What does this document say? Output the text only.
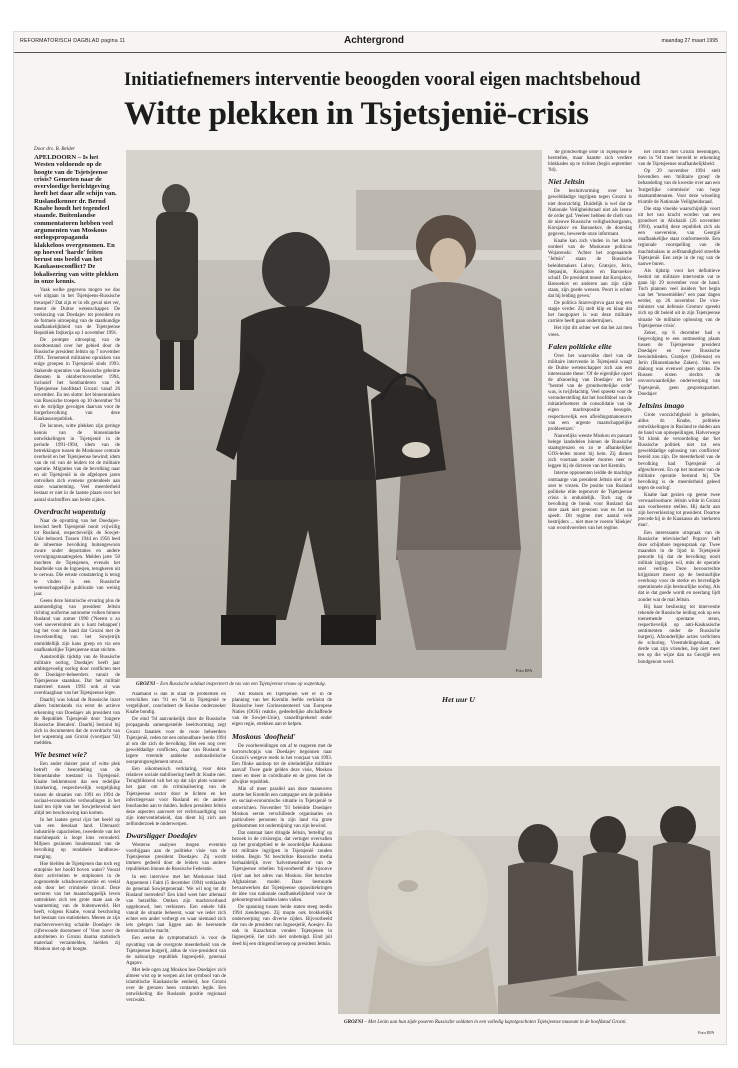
REFORMATORISCH DAGBLAD pagina 11	Achtergrond	maandag 27 maart 1995
Initiatiefnemers interventie beoogden vooral eigen machtsbehoud
Witte plekken in Tsjetsjenië-crisis
Door drs. B. Belder
APELDOORN – Is het Westen voldoende op de hoogte van de Tsjetsjeense crisis? Gemeten naar de overvloedige berichtgeving heeft het daar alle schijn van. Ruslandkenner dr. Bernd Knabe houdt het tegendeel staande. Buitenlandse commentatoren hebben veel argumenten van Moskous oorlogspropaganda klakkeloos overgenomen. En op hoeveel 'harde' feiten berust ons beeld van het Kaukasusconflict? De lokalisering van witte plekken in onze kennis.

Vaak welke gegevens mogen we dus wel uitgaan in het Tsjetsjeens-Russische treurspel? Dat zijn er in elk geval niet ver, meent de Duitse wetenschapper. De verkiezing van Doedajev tot president en de formele uitroeping van de staatkundige onafhankelijkheid van de Tsjetsjeense Republiek Itsjkerija op 1 november 1991.

De prompte uitroeping van de noodtoestand over het gebied door de Russische president Jeltsin op 7 november 1991. Ternemend militairen oprukken van enige groepen in Tsjetsjenië sinds 1993. Stakende operaties van Russische geheime diensten in oktober/november 1994, inclusief het bombarderen van de Tsjetsjeense hoofdstad Grozni vanaf 26 november. En ten slotte: het binnenrukken van Russische troepen op 10 december '94 en de strijdige gevolgen daarvan voor de burgerbevolking van deze Kaukasusrepubliek.

De lacunes, witte plekken zijn geringe kennis van de binnenlandse ontwikkelingen in Tsjetsjenië in de periode 1991-1994, idem van de betrekkingen tussen de Moskouse centrale overheid en het Tsjetsjeense bewind; idem van de rol van de leiders tot de militaire operatie. Migraties van de bevolking naar en uit Tsjetsjenië in de afgelopen jaren ontvolken zich evenens grotendeels aan onze waarneming. Veel meerderheid bestaat er niet in de laatste plaats over het aantal slachtoffers aan beide zijden.

Overdracht wapentuig

Naar de opvatting van het Doedajev-bewind heeft Tsjetsjenië nooit vrijwillig tot Rusland, respectievelijk de Sowjet-Unie behoord. Tussen 1944 en 1956 leed de inheemse bevolking buitengewoon zware onder deportaties en andere vervolgingsmaatregelen. Melden jarte '50 mochten de Tsjetsjenen, evenals het bearbeide van de Ingoesjen, terugkeren uit te oerwas. Die eenste constatering is terug te vinden in een Russische wetenschappelijke publicatie van weinig jaar.

Geens deze historische ervaring plus de aanmoediging van president Jeltsin richting uniforme autonome volken binnen Rusland van zomer 1990 ('Neemt u zo veel soevereiniteit als u kunt behappen') lag het voor de hand dat Grozni met de inwerkstelling van het Sowjetrijk onmiddellijk zijn kans greep en via een onafhankelijke Tsjetsjeense staat stichtte.

Aanstootlijk tijdstip van de Russische militaire oorlog, Doedajev heeft jaar ambtsgevoelig oorlog door conflicten met de Doedajev-beheerders vanuit de Tsjetsjeense staatskas. Dat het militair materieel tussen 1993 ook al was overdraagbaar van het Tsjetsjeense leger.

Daarbij was lokaal de Russische inzet alleen buitenlands via eerst de actieve erkenning van Doedajev als president van de Republiek Tsjetsjenië door 'Jongere Russische liberalen'. Daarbij bestond bij zich in documenten dat de overdracht van het wapentuig aan Grozni (voortjaar '92) meldden.

Wie besmet wie?

Een ander duister punt of witte plek betreft de beoordeling van de binnenlandse toestand in Tsjetsjenië. Knabe beklemtoont dat een redelijke (markering, respectievelijk vergelijking tussen de situaties van 1991 en 1994 de sociaal-economische verhoudingen in het land ten tijde van het Sowjetbewind niet altijd ten beschouwing kan komen.

In het laatste geval rijst het beeld op van een desolaat land. Uiteraard: industriële capaciteiten, tweederde van het machinepark is loopt lons verouderd. Miljoen gezinnen houdenstand van de bevolking op rendabele landbouw-marging.

Hoe bielden de Tsjetsjenen dan toch erg entopinie het hoofd boven water? Vooral door activiteiten te ontplooien in de zogenoemde schaduweconomie en veelal ook door het criminele circuit. Deze sectoren van het maatschappelijk leven onttrokken zich ten grote mate aan de waarneming van de buitenwereld. Het heeft, volgens Knabe, vooral beschoring het bestaan van statistieken. Menen ze zijn machtsverwerving schalde Doedajev de cijferwoude doorsmeer of 'Voor zover de autoriteiten in Grozni daarna statistisch materiaal verzamelden, hielden zij Moskou niet op de hoogte.

GROZNI – Een Russische soldaat inspecteert de tas van een Tsjetsjeense vrouw op wapentuig.
Foto EPA

Naamand is dan in staat de problemen en verschillen van '91 en '94 in Tsjetsjenië te vergelijken', concludeert de Keulse onderzoeker Knabe bondig.

De eind '94 aanvankelijk door de Russische propaganda samengestelde beeldvorming zegt Grozni fanatiek voor de rooie beheerders Tsjetsjenië, reden tot een onhoudbare leerde 1994 al om die zich de bevolking. Het een nog over gewelddadige conflicten, daar van Rusland te lagere vreemde arabieke nationalistische oorsprongsreglement omvat.

Een oikomenisch verklaring, voor deze relatieve sociale stabilisering heeft dr. Knabe niet. Terugblikkend valt het op dat zijn plots wanneer het gaat om de criminalisering van de Tsjetsjeense sector door te lichten en het infectiegevaar voor Rusland en de andere buurlanden aan te duiden. Indien president Jeltsin deze aspecten aanvoert ter rechtvaardiging van zijn interventiebeleid, dan dient hij zich aan zelfonderzoek te onderwerpen.

Dwarsligger Doedajev

Westerse analyses mogen evenmin voorbijgaan aan de politieke visie van de Tsjetsjeense president Doedajev. Zij wordt immers gedeeld door de leiders van andere republieken binnen de Russische Federatie.

In een interview met het Moskouse blad Argoement i Fakti (5 december 1994) verklaarde de generaal Sowjetgeneraal: 'We wil nog tot dit Rusland toetreden? Een kind weet hier allemaal van hetzelfde. Ontken zijn machtsverband opgebouwd, hen verkiezen. Een enkele blik vanuit de situatie beheerst, waar we ieder zich echter een ander verbergt en waar niemand zich iets gelegen laat liggen aan de heersende democratische macht.'

Een eerste de symptomatisch is voor de opvatting van de overgrote meerderheid van de Tsjetsjeense burgerij, aldus de vice-president van de nabuurige republiek Ingoesjetië, generaal Agapov.

Met lede ogen zag Moskou hoe Doedajev zich almeer wist op te werpen als het symbool van de islamitische Kaukasische eenheid, hoe Grozni over de grenzen heen contacten legde. Een ontwikkeling die Ruslands positie regionaal verzwakt.

Als Russen en Tsjetsjenen wel er in de planning van het Kremlin leefde verkleint de Russische heer Gorinesnenteerd van Europese Naties (OOS) reaktie, gedeeltelijke afschaffende van de Sowjet-Unie), vanzelfsprekend onder eigen regie, strekken aan te helpen.

Moskous 'doofheid'

De voorbereidingen om af te reageren met de horrorschopijs van Doedajev begonnen naar Grozni's wetgeve reeds in het voorjaar van 1993. Een flinke aanloop tot de uiteindelijke militaire aanval! Twee gade gelden deze visie, Moskou meer en meer in coördinatie en de grens tiet de afwijkte republiek.

Min of meer parallel aan deze maneuvers startte het Kremlin een campagne om de politieke en sociaal-economische situatie in Tsjetsjenië te ontwrichten. November '93 beleidde Doedajev Moskou eerste verschillende organisaties en particuliere personen in zijn land via grote geldsommen tot ondermijning van zijn bewind.

Dat ontstaat later dringde Jeltsin, 'tertellig' op bezoek in de crisisregio, dat vertuger overvallen op het grondgebied te de noordelijke Kaukasus tot militaire ingrijpen in Tsjetsjenië zouden leiden. Begin '94 beschrikte Russische media herhaaldelijk over 'halvemensheden' van de Tsjetsjeense rebellen 'bijvoorbeeld' die 'tijsoove rijen' aan het adres van Moskou. Het beruchte Afghanistan model. Daze bestuurde bevaarwerken dat Tsjetsjeense oppositiekringen de idee van nationale onafhankelijkheid voor de geboortegrond hadden laten vallen.

De spanning tussen beide staten steeg medio 1994 zienderogen. Zij mopte ook brokkeldijk onderwerping van diverse zijden. Bijvoorbeeld die van de president van Ingoesjetië, Aoesjev. En ook in Kazachstan vonden Tsjetsjenen in Ingoesjetië, liet zich niet onbetuigd. Eind juli deed hij een dringend beroep op president Jeltsin.

'de grondwettige orde' in Tsjetsjenië te herstellen, maar haastte zich verdere blokkades op te richten (begin september '94).

Niet Jeltsin

De besluitvorming over het gewelddadige ingrijpen tegen Grozni is niet doorzichtig. Duidelijk is wel dat de Nationale Veiligheidsraad niet als leeuw de order gaf. Veeleer hebben de chefs van de nieuwe Russische veiligheidsorganen, Korsjakov en Barsoekov, de doorslag gegeven, beweerde onze informant.

Knabe kan zich vinden in het harde oordeel van de Moskouse politicus Wojarenski: 'Achter het zogenaamde "Jeltsin" staan de Russische beleidsmakers Lobov, Gratsjov, Jerin, Stepasjin, Korsjakov en Barsoekov schuif. De president moest dat Korsjakov, Barsoekov en anderen aan zijn zijde staan, zijn goede wensen. Poort is echter dat hij leiding geven.'

De politica Starovojtova gaat nog een stapje verder. Zij stelt klip en klaar dat het hoogopzet is wat deze militaire carrière heeft gaan ondermijnen.

Het rijst dit achter wel dat het zal men vrees.

Falen politieke elite

Over het waarvolke doel van de militaire interventie in Tsjetsjenië waagt de Duitse wetenschapper zich aan een interessante these: 'Of de eigenlijke opzet de afsnoering van Doedajev en het "herstel van de grondwettelijke orde" was, is twijfelachtig. Veel spreekt voor de veronderstelling dat het hoofddoel van de initiatiefnemers de consolidatie van de eigen machtspositie beoogde, respectievelijk een afleidingsmanoeuvre van een urgente maatschappelijke probleemzet.'

Nauwelijks weeste Moskou en passant belege landsdelen binnen de Russische staatsgrenzen en zo te afhankelijker GOS-leden moest hij hem. Zij dienen zich voortaan zonder morren neer te leggen bij de dicteren van het Kremlin.

Interne opponenten leidde de machtige ontstaarge van president Jeltsin niet al te zeer te vrezen. De positie van Rusland politieke elite tegenover de Tsjetsjeense crisis is onduidelijk. Toch zag de bevolking de breuk voor Rusland dat deze zaak niet gewoon was en het nu speelt. Dit regime met aantal vele bestrijders ... niet mee te voeren 'kliekjes' van woordvoerders van het regime.

het conflict met Grozni beëindigen, men in '94 meer beroeld te erkenning van de Tsjetsjeense onafhankelijkheid.

Op 29 november 1994 stelt bovendien een 'militaire groep' de behandeling van de kwestie over aan een 'burgerlijke commissie' van hoge staatsambtenaren. Voor deze wisseling triomfe de Nationale Veiligheidsraad.

Die stap vloeide waarschijnlijk voort uit het van kracht worden van een grondwet in Abchazië (26 november 1994), waarbij deze republiek zich als een soevereine, van Georgië onafhankelijke staat conformeerde. Een regionale voorspelling van de machtsbalans in zelfstandigheid streefde Tsjetsjenië. Een zetje in de rug van de nauwe buren.

Als tijdstip voor het definitieve besluit tot militaire interventie vat te gaan lijr 29 november voor de hand. Toch plannen veel insiders 'het begin van het "tenoemidden" een paar dagen eerder, op 26 november. De vice-minister van defensie Gromov spreekt zich op dit beleid uit in zijn Tsjetsjeense situatie 'de militaire oplossing van de Tsjetsjeense crisis'.

Zeker, op 6 december had u liegevolging te een ontmoeting plaats tussen de Tsjetsjeense president Doedajev en twee Russische bewindslieden. Gratsjov (Defensie) en Jerin (Binnenlandse Zaken). Van een dialoog was evenwel geen sprake. De Russen eisten slechts de onvoorwaardelijke onderwerping van Tsjetsjenië, geen gesprekspartner. Doedajev

Jeltsins imago

Grote voorzichtigheid is geboden, aldus dr. Knabe, politieke ontwikkelingen in Rusland te duiden aan de hand van opinepeilingen. Halverwege '94 klonk de veroordeling dat 'het Russische politiek niet tot een gewelddadige oplossing van conflicten' bereid zou zijn. De meerderheid van de bevolking had Tsjetsjenië al afgeschreven. En op het moment van de militaire operatie bestond bij 'De bevolking is de meerderheid geleed tegen de oorlog'.

Knabe laat gezien op geene twee verwaarloosbare: Jeltsin wilde in Grozni aan voorheerste stellen. Hij dacht aan zijn herverkiezing tot president. Doartoe precede hij in de Kaukasus als 'sterkeren man'.

Een interessante uitspraak van de Russische televisiechef Popzov heft deze schijnbare tegenspraak op: Twee maanden in de lijnd in Tsjetsjenië penorde hij dat de bevolking nooit militair ingrijpen wil, mits de operatie snel verliep. Deze bevoorrechte krijgsinzet moest op de bestuurlijke overhoop voor de sterke en bevredigde operationele zijn bestuurlijke oorlog. Als dat ie dat goede wordt en neerlang lijdt zonder wat de mal Jeltsin.

Bij haar beslissing tot interventie rekende de Russische leiding ook op een toenemende spontane steun, respectievelijk op anti-Kaukasische sentimenten onder de Russische burgerij. Afzonderlijke acties verlichten de schuring. Vreemdelingenhaat, de derde van zijn vrienden, liep niet meer ten op die wijze dan na Georgië een bondgenoot werd.

Het uur U
GROZNI – Met Lenin aan hun zijde poseren Russische soldaten in een volledig kapotgeschoten Tsjetsjeense museum in de hoofdstad Grozni.
Foto EPA
